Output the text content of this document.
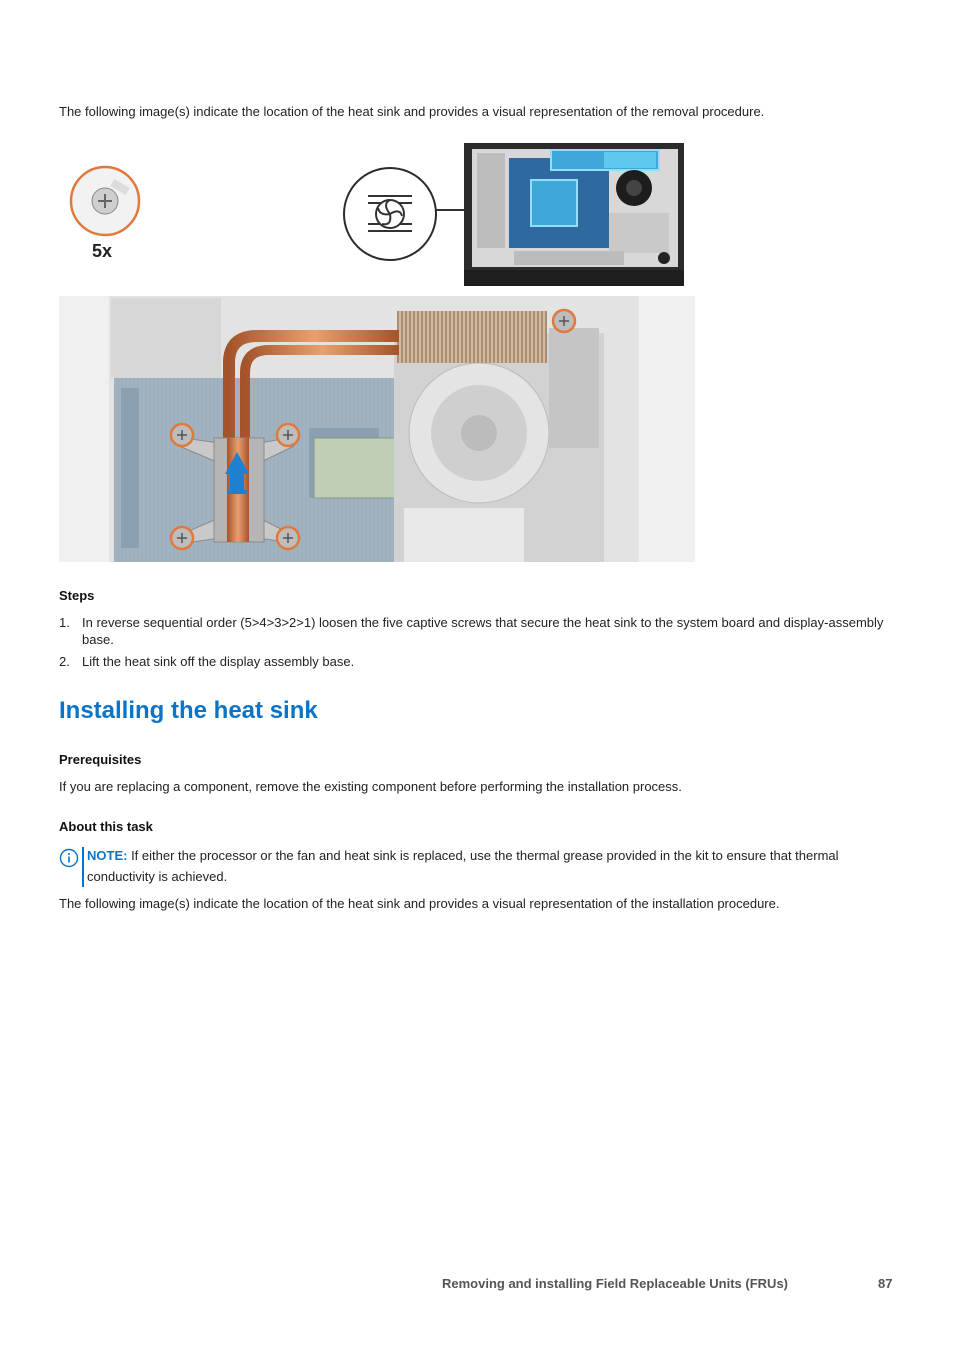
The following image(s) indicate the location of the heat sink and provides a visual representation of the removal procedure.

5x
Steps
1. In reverse sequential order (5>4>3>2>1) loosen the five captive screws that secure the heat sink to the system board and display-assembly base.
2. Lift the heat sink off the display assembly base.
Installing the heat sink
Prerequisites

If you are replacing a component, remove the existing component before performing the installation process.

About this task
NOTE: If either the processor or the fan and heat sink is replaced, use the thermal grease provided in the kit to ensure that thermal conductivity is achieved.

The following image(s) indicate the location of the heat sink and provides a visual representation of the installation procedure.

Removing and installing Field Replaceable Units (FRUs)	87
